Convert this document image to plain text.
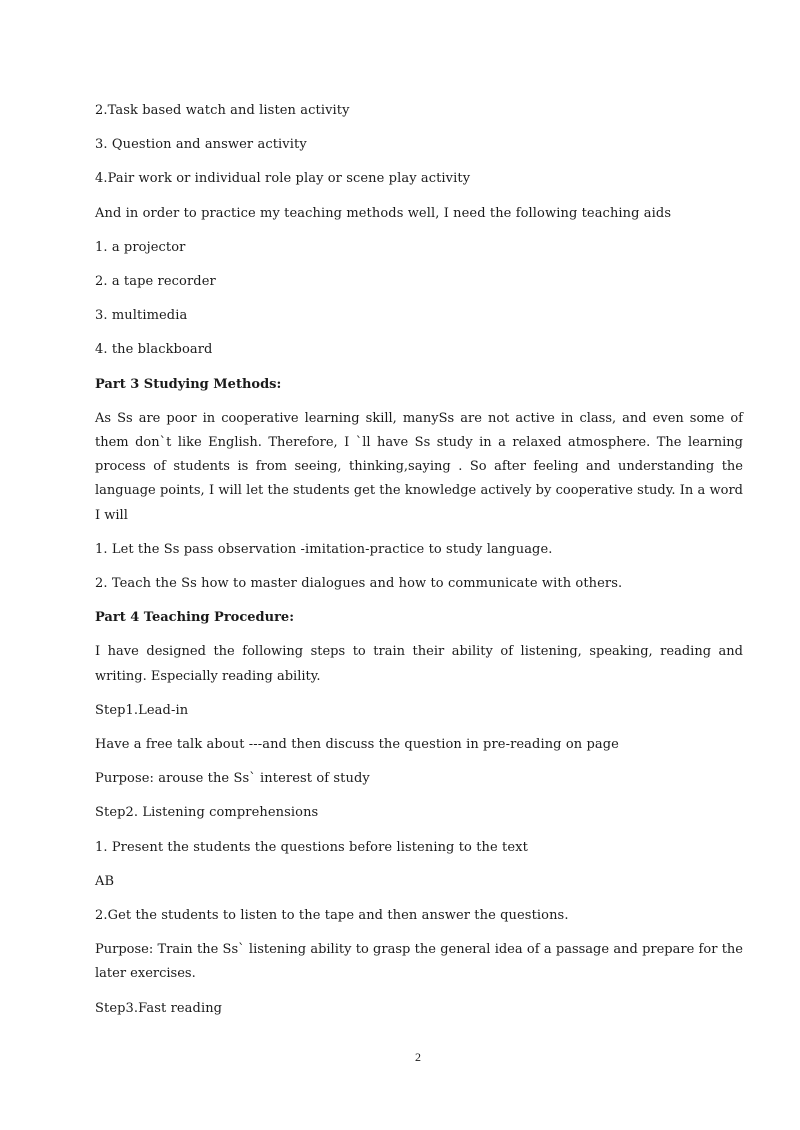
2.Task based watch and listen activity

3. Question and answer activity

4.Pair work or individual role play or scene play activity

And in order to practice my teaching methods well, I need the following teaching aids

1. a projector

2. a tape recorder

3. multimedia

4. the blackboard

Part 3 Studying Methods:

As Ss are poor in cooperative learning skill, manySs are not active in class, and even some of them don`t like English. Therefore, I `ll have Ss study in a relaxed atmosphere. The learning process of students is from seeing, thinking,saying . So after feeling and understanding the language points, I will let the students get the knowledge actively by cooperative study. In a word I will

1. Let the Ss pass observation -imitation-practice to study language.

2. Teach the Ss how to master dialogues and how to communicate with others.

Part 4 Teaching Procedure:

I have designed the following steps to train their ability of listening, speaking, reading and writing. Especially reading ability.

Step1.Lead-in

Have a free talk about ---and then discuss the question in pre-reading on page

Purpose: arouse the Ss` interest of study

Step2. Listening comprehensions

1. Present the students the questions before listening to the text

AB

2.Get the students to listen to the tape and then answer the questions.

Purpose: Train the Ss` listening ability to grasp the general idea of a passage and prepare for the later exercises.

Step3.Fast reading

2
